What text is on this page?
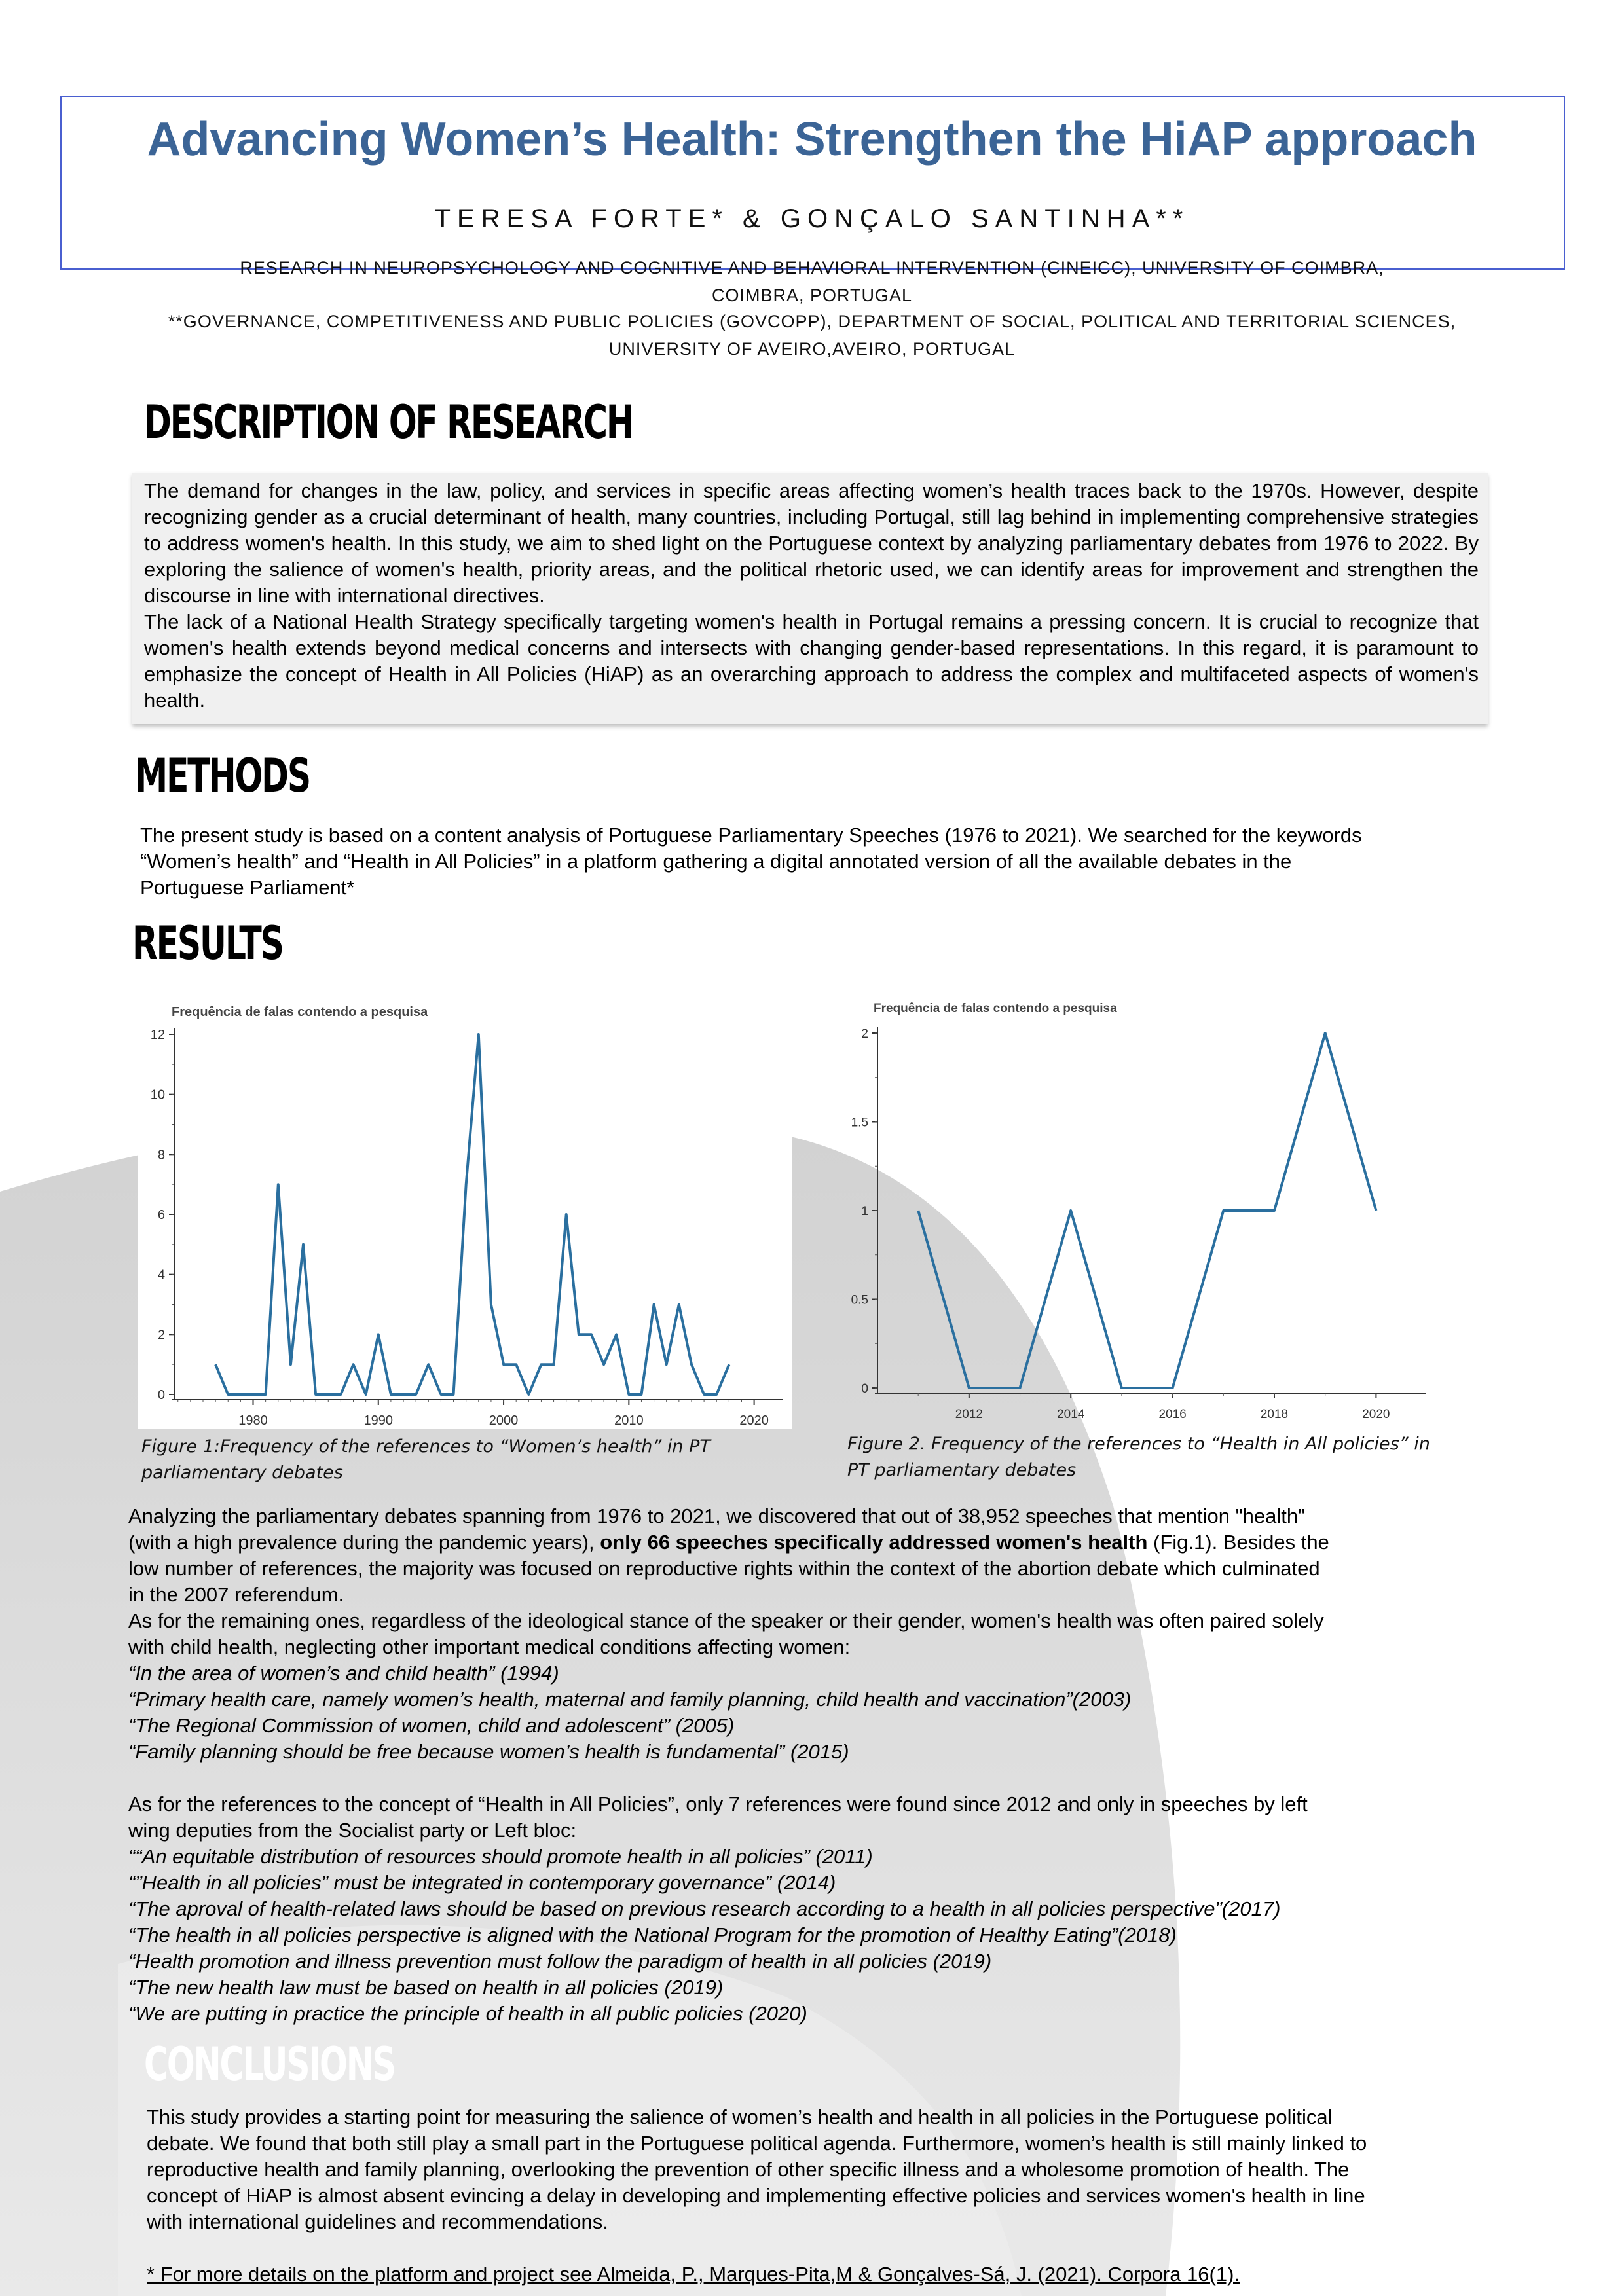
Advancing Women’s Health: Strengthen the HiAP approach
TERESA FORTE* & GONÇALO SANTINHA**
RESEARCH IN NEUROPSYCHOLOGY AND COGNITIVE AND BEHAVIORAL INTERVENTION (CINEICC), UNIVERSITY OF COIMBRA,
COIMBRA, PORTUGAL
**GOVERNANCE, COMPETITIVENESS AND PUBLIC POLICIES (GOVCOPP), DEPARTMENT OF SOCIAL, POLITICAL AND TERRITORIAL SCIENCES,
UNIVERSITY OF AVEIRO,AVEIRO, PORTUGAL
DESCRIPTION OF RESEARCH

The demand for changes in the law, policy, and services in specific areas affecting women’s health traces back to the 1970s. However, despite recognizing gender as a crucial determinant of health, many countries, including Portugal, still lag behind in implementing comprehensive strategies to address women's health. In this study, we aim to shed light on the Portuguese context by analyzing parliamentary debates from 1976 to 2022. By exploring the salience of women's health, priority areas, and the political rhetoric used, we can identify areas for improvement and strengthen the discourse in line with international directives.

The lack of a National Health Strategy specifically targeting women's health in Portugal remains a pressing concern. It is crucial to recognize that women's health extends beyond medical concerns and intersects with changing gender-based representations. In this regard, it is paramount to emphasize the concept of Health in All Policies (HiAP) as an overarching approach to address the complex and multifaceted aspects of women's health.

METHODS
The present study is based on a content analysis of Portuguese Parliamentary Speeches (1976 to 2021). We searched for the keywords
“Women’s health” and “Health in All Policies” in a platform gathering a digital annotated version of all the available debates in the
Portuguese Parliament*
RESULTS
Frequência de falas contendo a pesquisa
0
2
4
6
8
10
12
1980	1990	2000	2010	2020
Frequência de falas contendo a pesquisa
0
0.5
1
1.5
2
2012	2014	2016	2018	2020
Figure 1:Frequency of the references to “Women’s health” in PT
parliamentary debates
Figure 2. Frequency of the references to “Health in All policies” in
PT parliamentary debates
Analyzing the parliamentary debates spanning from 1976 to 2021, we discovered that out of 38,952 speeches that mention "health"
(with a high prevalence during the pandemic years), only 66 speeches specifically addressed women's health (Fig.1). Besides the
low number of references, the majority was focused on reproductive rights within the context of the abortion debate which culminated
in the 2007 referendum.
As for the remaining ones, regardless of the ideological stance of the speaker or their gender, women's health was often paired solely
with child health, neglecting other important medical conditions affecting women:
“In the area of women’s and child health” (1994)
“Primary health care, namely women’s health, maternal and family planning, child health and vaccination”(2003)
“The Regional Commission of women, child and adolescent” (2005)
“Family planning should be free because women’s health is fundamental” (2015)

As for the references to the concept of “Health in All Policies”, only 7 references were found since 2012 and only in speeches by left
wing deputies from the Socialist party or Left bloc:
““An equitable distribution of resources should promote health in all policies” (2011)
“”Health in all policies” must be integrated in contemporary governance” (2014)
“The aproval of health-related laws should be based on previous research according to a health in all policies perspective”(2017)
“The health in all policies perspective is aligned with the National Program for the promotion of Healthy Eating”(2018)
“Health promotion and illness prevention must follow the paradigm of health in all policies (2019)
“The new health law must be based on health in all policies (2019)
“We are putting in practice the principle of health in all public policies (2020)
CONCLUSIONS
This study provides a starting point for measuring the salience of women’s health and health in all policies in the Portuguese political
debate. We found that both still play a small part in the Portuguese political agenda. Furthermore, women’s health is still mainly linked to
reproductive health and family planning, overlooking the prevention of other specific illness and a wholesome promotion of health. The
concept of HiAP is almost absent evincing a delay in developing and implementing effective policies and services women's health in line
with international guidelines and recommendations.

* For more details on the platform and project see Almeida, P., Marques-Pita,M & Gonçalves-Sá, J. (2021). Corpora 16(1).
